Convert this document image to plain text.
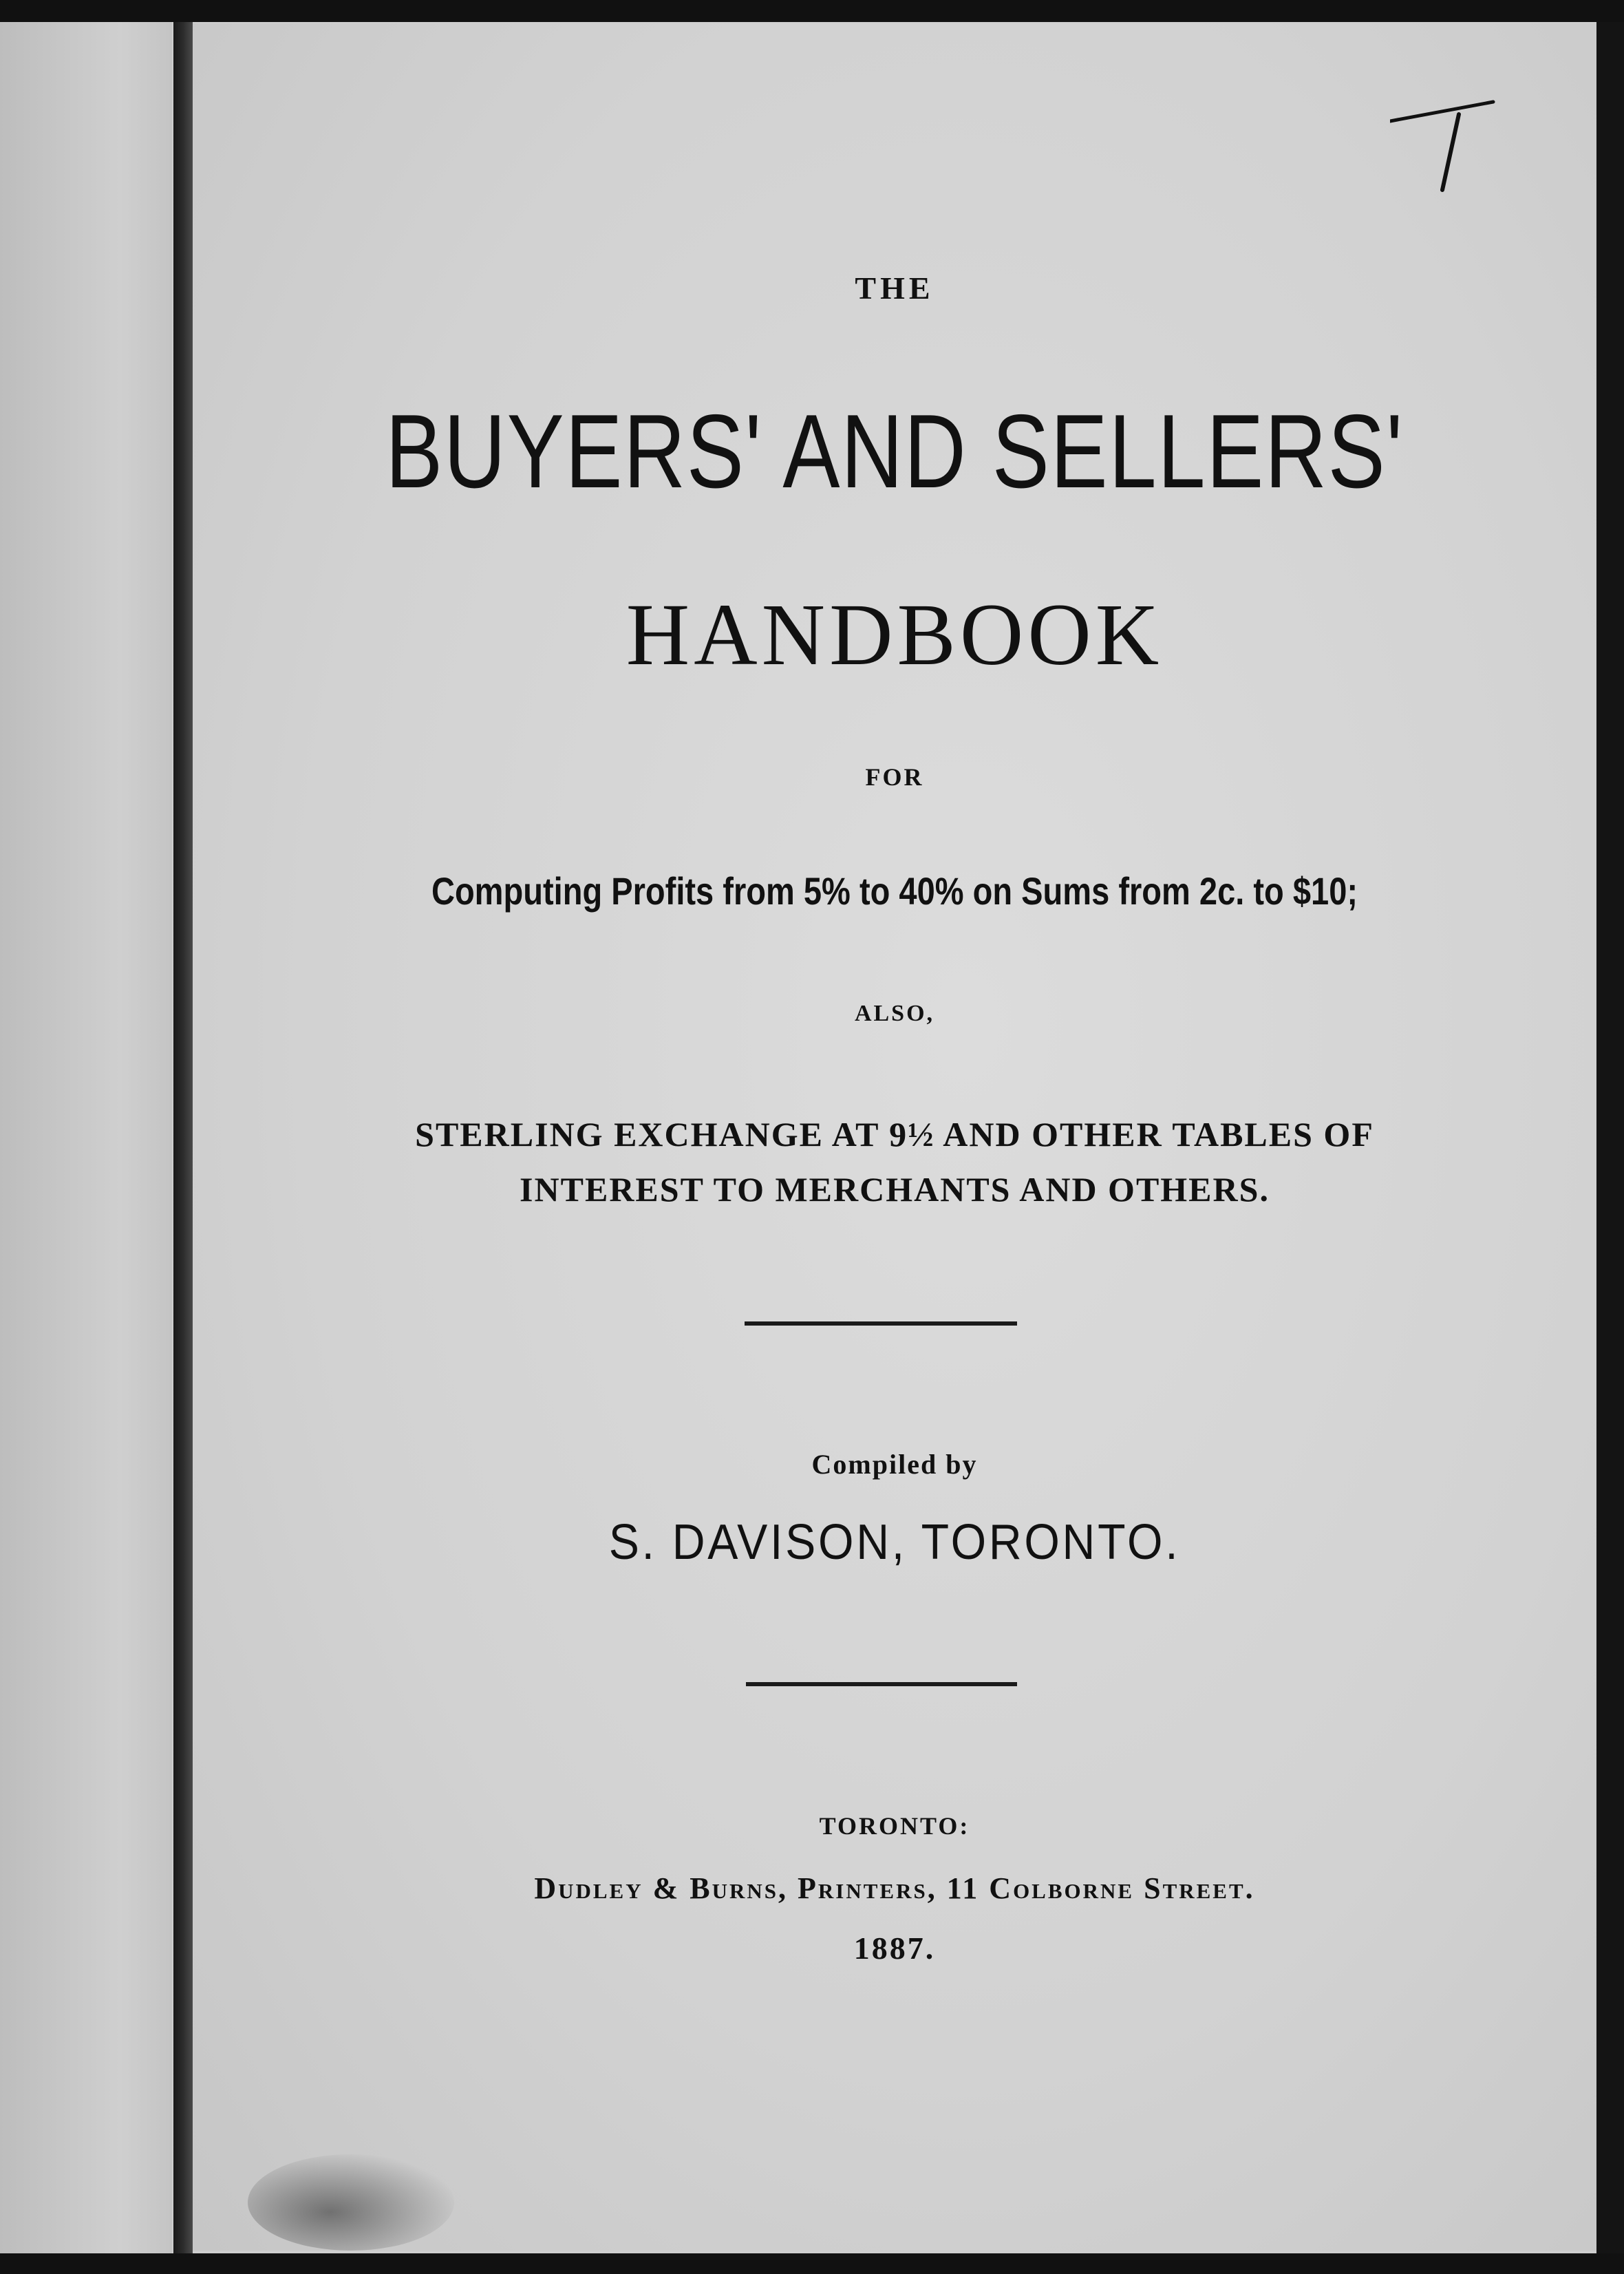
THE
BUYERS' AND SELLERS'
HANDBOOK
FOR
Computing Profits from 5% to 40% on Sums from 2c. to $10;
ALSO,
STERLING EXCHANGE AT 9½ AND OTHER TABLES OF
INTEREST TO MERCHANTS AND OTHERS.
Compiled by
S. DAVISON, TORONTO.
TORONTO:
Dudley & Burns, Printers, 11 Colborne Street.
1887.
